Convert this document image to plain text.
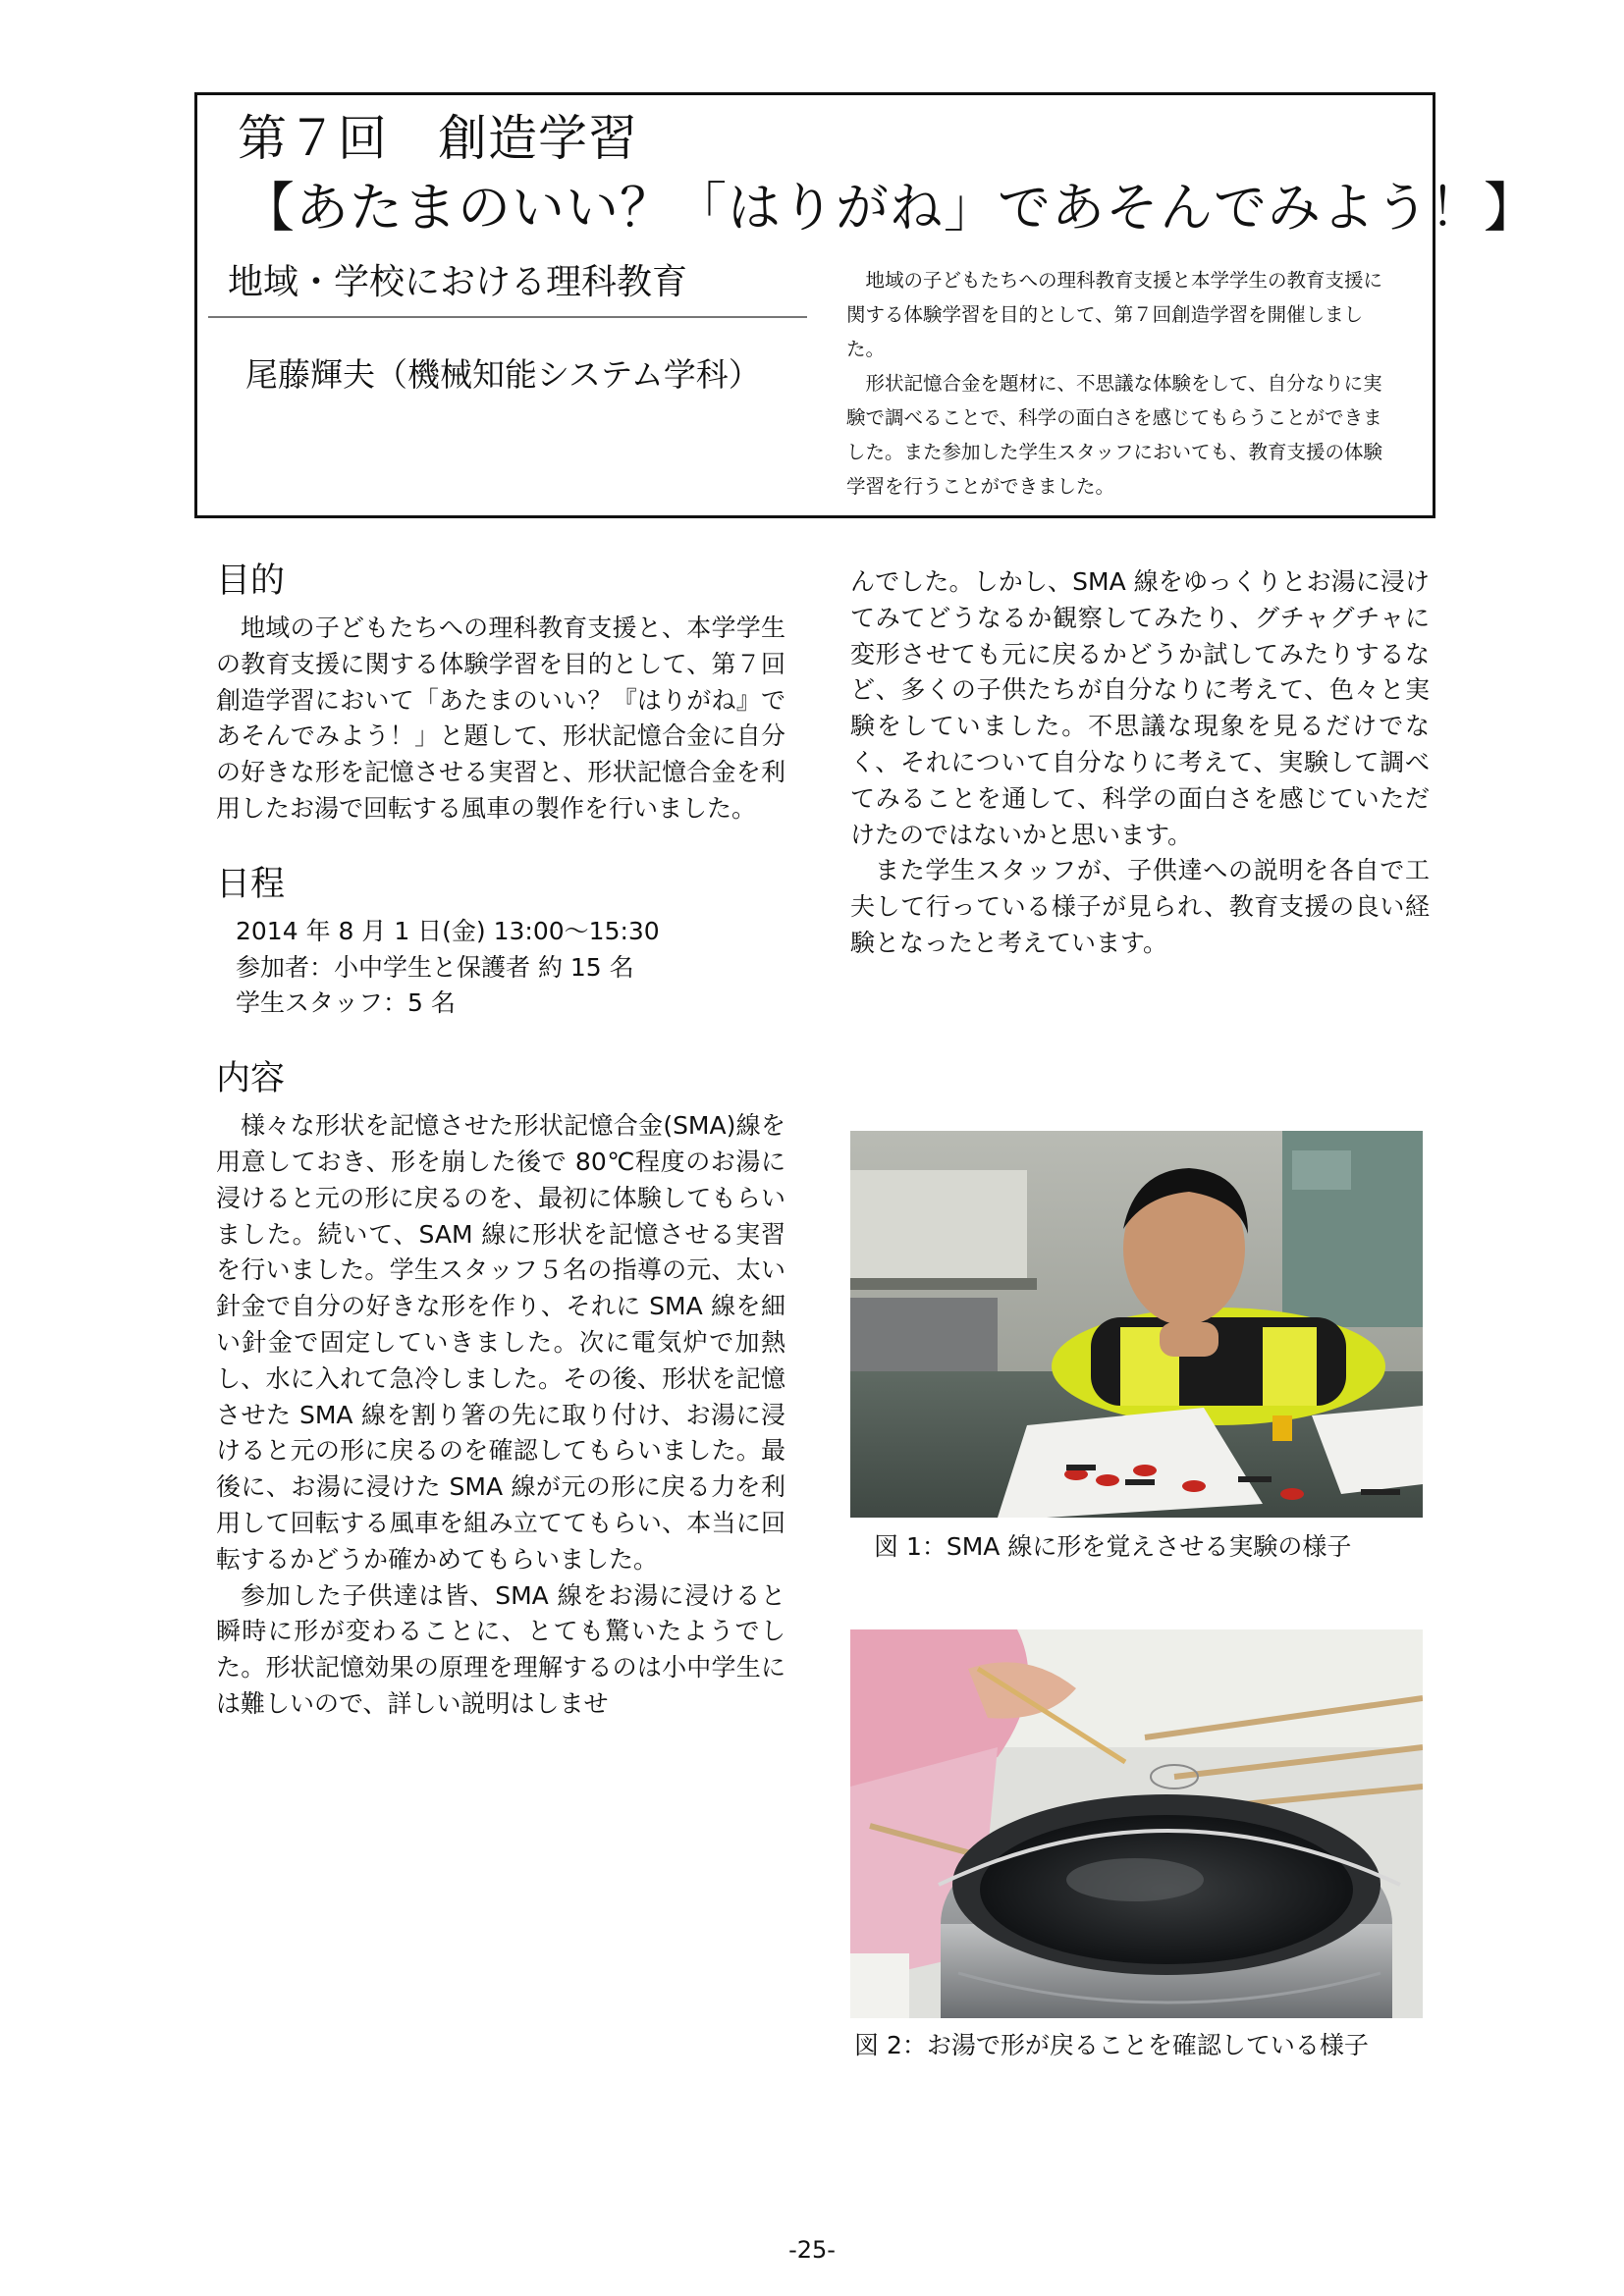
第７回　創造学習
【あたまのいい？「はりがね」であそんでみよう！】
地域・学校における理科教育
尾藤輝夫（機械知能システム学科）

地域の子どもたちへの理科教育支援と本学学生の教育支援に関する体験学習を目的として、第７回創造学習を開催しました。

形状記憶合金を題材に、不思議な体験をして、自分なりに実験で調べることで、科学の面白さを感じてもらうことができました。また参加した学生スタッフにおいても、教育支援の体験学習を行うことができました。

目的

地域の子どもたちへの理科教育支援と、本学学生の教育支援に関する体験学習を目的として、第７回創造学習において「あたまのいい？『はりがね』であそんでみよう！」と題して、形状記憶合金に自分の好きな形を記憶させる実習と、形状記憶合金を利用したお湯で回転する風車の製作を行いました。

日程
2014 年 8 月 1 日(金) 13:00～15:30
参加者：小中学生と保護者 約 15 名
学生スタッフ：5 名
内容

様々な形状を記憶させた形状記憶合金(SMA)線を用意しておき、形を崩した後で 80℃程度のお湯に浸けると元の形に戻るのを、最初に体験してもらいました。続いて、SAM 線に形状を記憶させる実習を行いました。学生スタッフ５名の指導の元、太い針金で自分の好きな形を作り、それに SMA 線を細い針金で固定していきました。次に電気炉で加熱し、水に入れて急冷しました。その後、形状を記憶させた SMA 線を割り箸の先に取り付け、お湯に浸けると元の形に戻るのを確認してもらいました。最後に、お湯に浸けた SMA 線が元の形に戻る力を利用して回転する風車を組み立ててもらい、本当に回転するかどうか確かめてもらいました。

参加した子供達は皆、SMA 線をお湯に浸けると瞬時に形が変わることに、とても驚いたようでした。形状記憶効果の原理を理解するのは小中学生には難しいので、詳しい説明はしませ

んでした。しかし、SMA 線をゆっくりとお湯に浸けてみてどうなるか観察してみたり、グチャグチャに変形させても元に戻るかどうか試してみたりするなど、多くの子供たちが自分なりに考えて、色々と実験をしていました。不思議な現象を見るだけでなく、それについて自分なりに考えて、実験して調べてみることを通して、科学の面白さを感じていただけたのではないかと思います。

また学生スタッフが、子供達への説明を各自で工夫して行っている様子が見られ、教育支援の良い経験となったと考えています。

図 1：SMA 線に形を覚えさせる実験の様子
図 2：お湯で形が戻ることを確認している様子
-25-
